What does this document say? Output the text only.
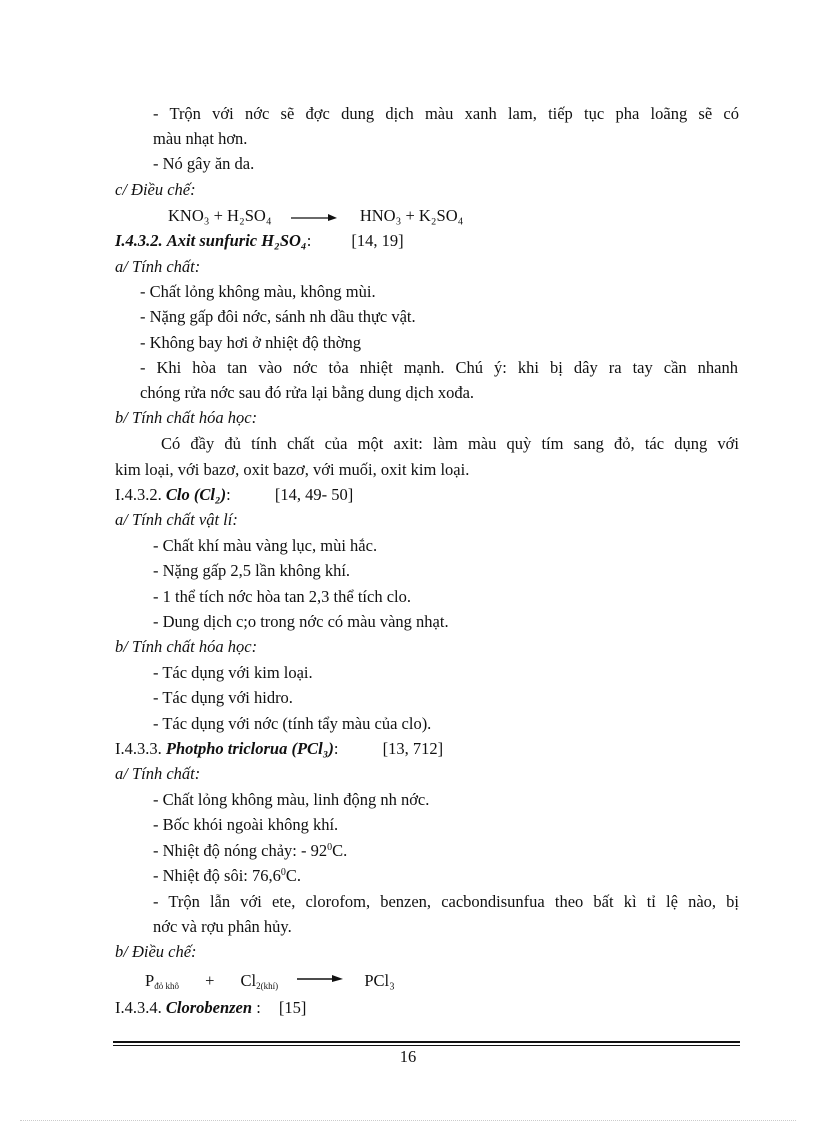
- Trộn với nớc sẽ đợc dung dịch màu xanh lam, tiếp tục pha loãng sẽ có
màu nhạt hơn.
- Nó gây ăn da.
c/ Điều chế:
KNO₃ + H₂SO₄ → HNO₃ + K₂SO₄
I.4.3.2. Axit sunfuric H₂SO₄: [14, 19]
a/ Tính chất:
- Chất lỏng không màu, không mùi.
- Nặng gấp đôi nớc, sánh nh dầu thực vật.
- Không bay hơi ở nhiệt độ thờng
- Khi hòa tan vào nớc tỏa nhiệt mạnh. Chú ý: khi bị dây ra tay cần nhanh
chóng rửa nớc sau đó rửa lại bằng dung dịch xođa.
b/ Tính chất hóa học:
Có đầy đủ tính chất của một axit: làm màu quỳ tím sang đỏ, tác dụng với
kim loại, với bazơ, oxit bazơ, với muối, oxit kim loại.
I.4.3.2. Clo (Cl₂):	[14, 49- 50]
a/ Tính chất vật lí:
- Chất khí màu vàng lục, mùi hắc.
- Nặng gấp 2,5 lần không khí.
- 1 thể tích nớc hòa tan 2,3 thể tích clo.
- Dung dịch c;o trong nớc có màu vàng nhạt.
b/ Tính chất hóa học:
- Tác dụng với kim loại.
- Tác dụng với hidro.
- Tác dụng với nớc (tính tẩy màu của clo).
I.4.3.3. Photpho triclorua (PCl₃):	[13, 712]
a/ Tính chất:
- Chất lỏng không màu, linh động nh nớc.
- Bốc khói ngoài không khí.
- Nhiệt độ nóng chảy: - $92^0C$.
- Nhiệt độ sôi: 76,6$^0$C.
- Trộn lẫn với ete, clorofom, benzen, cacbondisunfua theo bất kì tỉ lệ nào, bị
nớc và rợu phân hủy.
b/ Điều chế:
$P_{đỏ khô} + Cl_{2(khí)} \to PCl_3$
I.4.3.4. Clorobenzen : [15]
16
